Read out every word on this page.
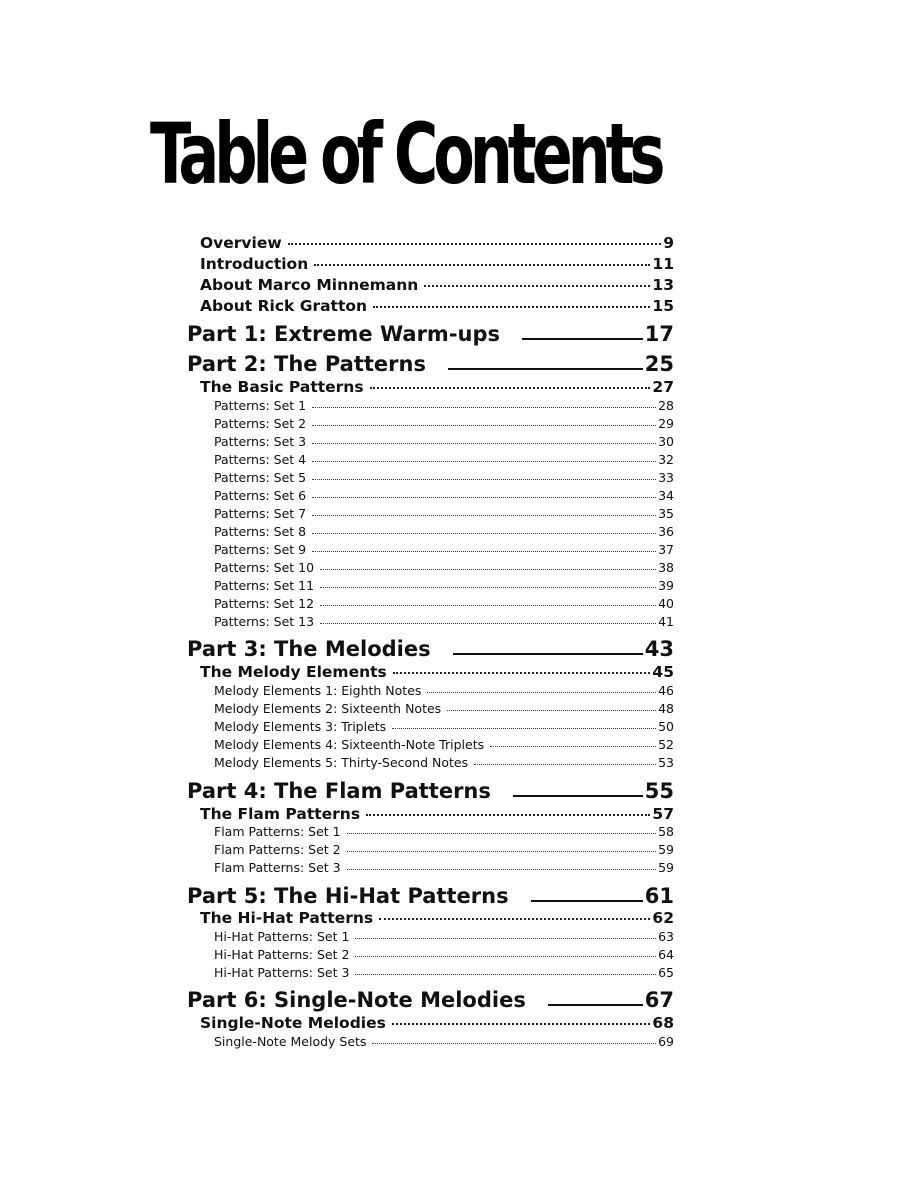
Table of Contents
Overview	9
Introduction	11
About Marco Minnemann	13
About Rick Gratton	15
Part 1: Extreme Warm-ups	17
Part 2: The Patterns	25
The Basic Patterns	27
Patterns: Set 1	28
Patterns: Set 2	29
Patterns: Set 3	30
Patterns: Set 4	32
Patterns: Set 5	33
Patterns: Set 6	34
Patterns: Set 7	35
Patterns: Set 8	36
Patterns: Set 9	37
Patterns: Set 10	38
Patterns: Set 11	39
Patterns: Set 12	40
Patterns: Set 13	41
Part 3: The Melodies	43
The Melody Elements	45
Melody Elements 1: Eighth Notes	46
Melody Elements 2: Sixteenth Notes	48
Melody Elements 3: Triplets	50
Melody Elements 4: Sixteenth-Note Triplets	52
Melody Elements 5: Thirty-Second Notes	53
Part 4: The Flam Patterns	55
The Flam Patterns	57
Flam Patterns: Set 1	58
Flam Patterns: Set 2	59
Flam Patterns: Set 3	59
Part 5: The Hi-Hat Patterns	61
The Hi-Hat Patterns	62
Hi-Hat Patterns: Set 1	63
Hi-Hat Patterns: Set 2	64
Hi-Hat Patterns: Set 3	65
Part 6: Single-Note Melodies	67
Single-Note Melodies	68
Single-Note Melody Sets	69
